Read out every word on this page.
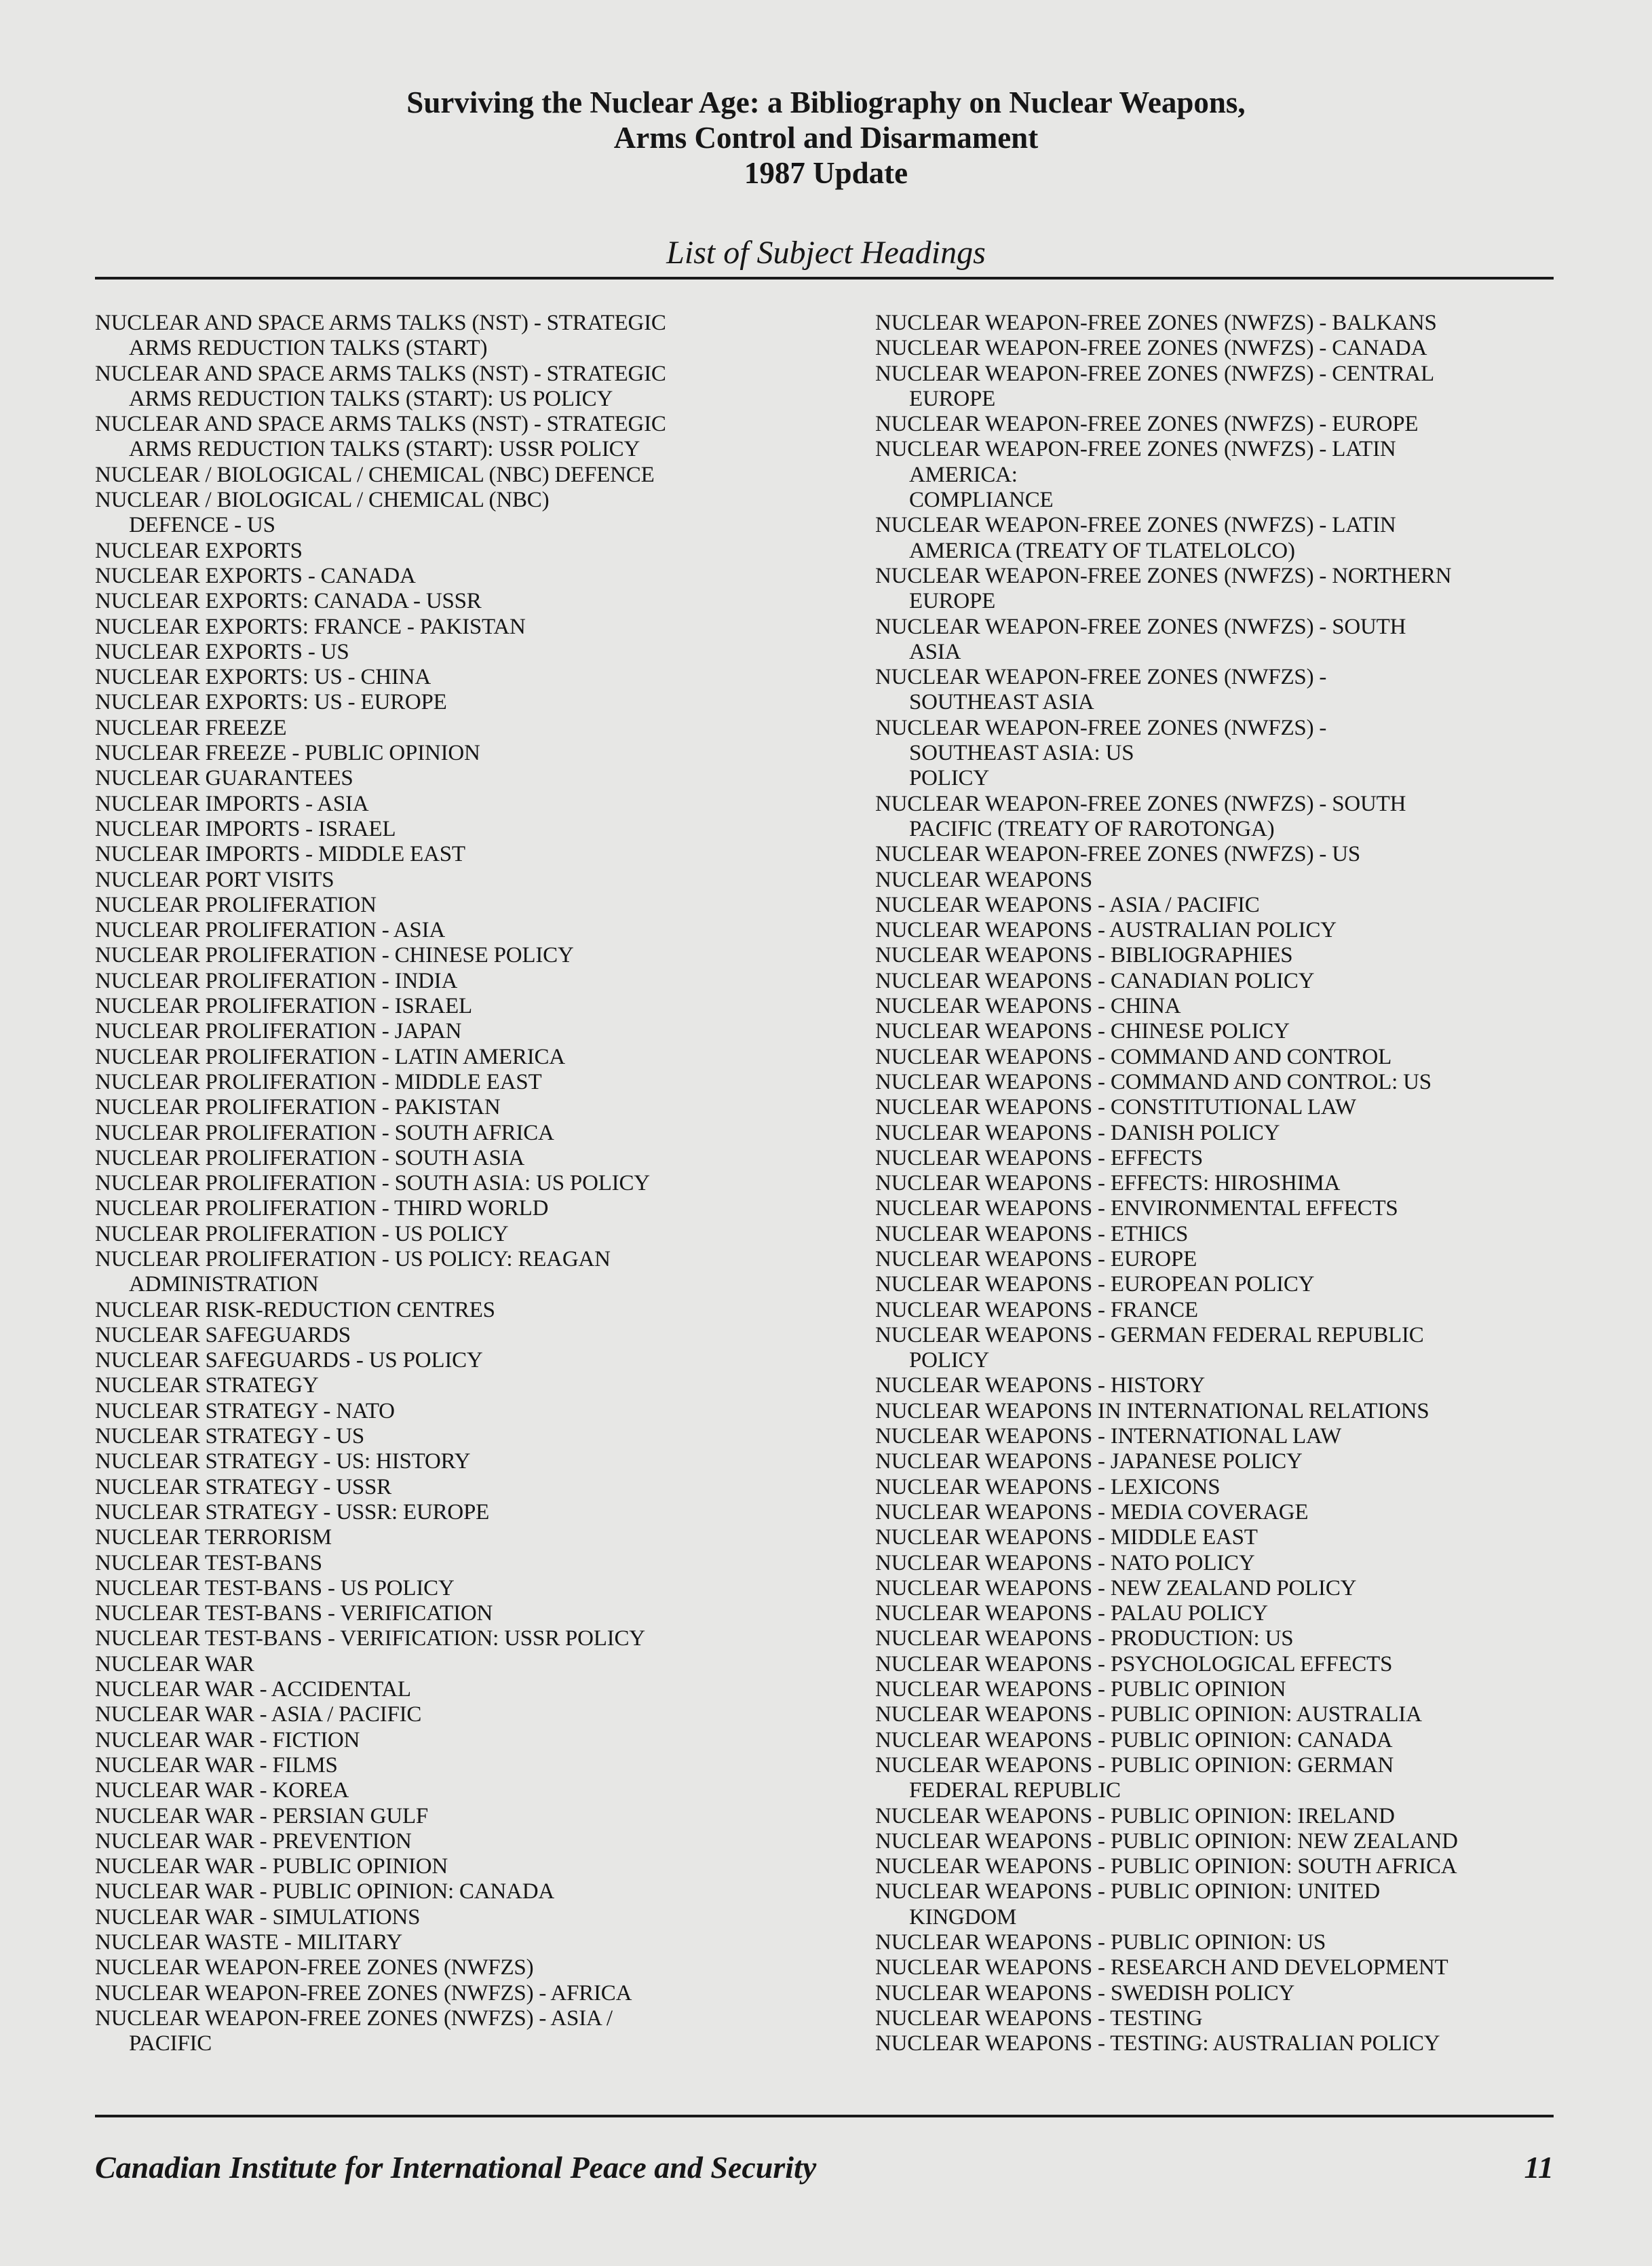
Surviving the Nuclear Age: a Bibliography on Nuclear Weapons,
Arms Control and Disarmament
1987 Update
List of Subject Headings
NUCLEAR AND SPACE ARMS TALKS (NST) - STRATEGIC
ARMS REDUCTION TALKS (START)
NUCLEAR AND SPACE ARMS TALKS (NST) - STRATEGIC
ARMS REDUCTION TALKS (START): US POLICY
NUCLEAR AND SPACE ARMS TALKS (NST) - STRATEGIC
ARMS REDUCTION TALKS (START): USSR POLICY
NUCLEAR / BIOLOGICAL / CHEMICAL (NBC) DEFENCE
NUCLEAR / BIOLOGICAL / CHEMICAL (NBC)
DEFENCE - US
NUCLEAR EXPORTS
NUCLEAR EXPORTS - CANADA
NUCLEAR EXPORTS: CANADA - USSR
NUCLEAR EXPORTS: FRANCE - PAKISTAN
NUCLEAR EXPORTS - US
NUCLEAR EXPORTS: US - CHINA
NUCLEAR EXPORTS: US - EUROPE
NUCLEAR FREEZE
NUCLEAR FREEZE - PUBLIC OPINION
NUCLEAR GUARANTEES
NUCLEAR IMPORTS - ASIA
NUCLEAR IMPORTS - ISRAEL
NUCLEAR IMPORTS - MIDDLE EAST
NUCLEAR PORT VISITS
NUCLEAR PROLIFERATION
NUCLEAR PROLIFERATION - ASIA
NUCLEAR PROLIFERATION - CHINESE POLICY
NUCLEAR PROLIFERATION - INDIA
NUCLEAR PROLIFERATION - ISRAEL
NUCLEAR PROLIFERATION - JAPAN
NUCLEAR PROLIFERATION - LATIN AMERICA
NUCLEAR PROLIFERATION - MIDDLE EAST
NUCLEAR PROLIFERATION - PAKISTAN
NUCLEAR PROLIFERATION - SOUTH AFRICA
NUCLEAR PROLIFERATION - SOUTH ASIA
NUCLEAR PROLIFERATION - SOUTH ASIA: US POLICY
NUCLEAR PROLIFERATION - THIRD WORLD
NUCLEAR PROLIFERATION - US POLICY
NUCLEAR PROLIFERATION - US POLICY: REAGAN
ADMINISTRATION
NUCLEAR RISK-REDUCTION CENTRES
NUCLEAR SAFEGUARDS
NUCLEAR SAFEGUARDS - US POLICY
NUCLEAR STRATEGY
NUCLEAR STRATEGY - NATO
NUCLEAR STRATEGY - US
NUCLEAR STRATEGY - US: HISTORY
NUCLEAR STRATEGY - USSR
NUCLEAR STRATEGY - USSR: EUROPE
NUCLEAR TERRORISM
NUCLEAR TEST-BANS
NUCLEAR TEST-BANS - US POLICY
NUCLEAR TEST-BANS - VERIFICATION
NUCLEAR TEST-BANS - VERIFICATION: USSR POLICY
NUCLEAR WAR
NUCLEAR WAR - ACCIDENTAL
NUCLEAR WAR - ASIA / PACIFIC
NUCLEAR WAR - FICTION
NUCLEAR WAR - FILMS
NUCLEAR WAR - KOREA
NUCLEAR WAR - PERSIAN GULF
NUCLEAR WAR - PREVENTION
NUCLEAR WAR - PUBLIC OPINION
NUCLEAR WAR - PUBLIC OPINION: CANADA
NUCLEAR WAR - SIMULATIONS
NUCLEAR WASTE - MILITARY
NUCLEAR WEAPON-FREE ZONES (NWFZS)
NUCLEAR WEAPON-FREE ZONES (NWFZS) - AFRICA
NUCLEAR WEAPON-FREE ZONES (NWFZS) - ASIA /
PACIFIC
NUCLEAR WEAPON-FREE ZONES (NWFZS) - BALKANS
NUCLEAR WEAPON-FREE ZONES (NWFZS) - CANADA
NUCLEAR WEAPON-FREE ZONES (NWFZS) - CENTRAL
EUROPE
NUCLEAR WEAPON-FREE ZONES (NWFZS) - EUROPE
NUCLEAR WEAPON-FREE ZONES (NWFZS) - LATIN
AMERICA:
COMPLIANCE
NUCLEAR WEAPON-FREE ZONES (NWFZS) - LATIN
AMERICA (TREATY OF TLATELOLCO)
NUCLEAR WEAPON-FREE ZONES (NWFZS) - NORTHERN
EUROPE
NUCLEAR WEAPON-FREE ZONES (NWFZS) - SOUTH
ASIA
NUCLEAR WEAPON-FREE ZONES (NWFZS) -
SOUTHEAST ASIA
NUCLEAR WEAPON-FREE ZONES (NWFZS) -
SOUTHEAST ASIA: US
POLICY
NUCLEAR WEAPON-FREE ZONES (NWFZS) - SOUTH
PACIFIC (TREATY OF RAROTONGA)
NUCLEAR WEAPON-FREE ZONES (NWFZS) - US
NUCLEAR WEAPONS
NUCLEAR WEAPONS - ASIA / PACIFIC
NUCLEAR WEAPONS - AUSTRALIAN POLICY
NUCLEAR WEAPONS - BIBLIOGRAPHIES
NUCLEAR WEAPONS - CANADIAN POLICY
NUCLEAR WEAPONS - CHINA
NUCLEAR WEAPONS - CHINESE POLICY
NUCLEAR WEAPONS - COMMAND AND CONTROL
NUCLEAR WEAPONS - COMMAND AND CONTROL: US
NUCLEAR WEAPONS - CONSTITUTIONAL LAW
NUCLEAR WEAPONS - DANISH POLICY
NUCLEAR WEAPONS - EFFECTS
NUCLEAR WEAPONS - EFFECTS: HIROSHIMA
NUCLEAR WEAPONS - ENVIRONMENTAL EFFECTS
NUCLEAR WEAPONS - ETHICS
NUCLEAR WEAPONS - EUROPE
NUCLEAR WEAPONS - EUROPEAN POLICY
NUCLEAR WEAPONS - FRANCE
NUCLEAR WEAPONS - GERMAN FEDERAL REPUBLIC
POLICY
NUCLEAR WEAPONS - HISTORY
NUCLEAR WEAPONS IN INTERNATIONAL RELATIONS
NUCLEAR WEAPONS - INTERNATIONAL LAW
NUCLEAR WEAPONS - JAPANESE POLICY
NUCLEAR WEAPONS - LEXICONS
NUCLEAR WEAPONS - MEDIA COVERAGE
NUCLEAR WEAPONS - MIDDLE EAST
NUCLEAR WEAPONS - NATO POLICY
NUCLEAR WEAPONS - NEW ZEALAND POLICY
NUCLEAR WEAPONS - PALAU POLICY
NUCLEAR WEAPONS - PRODUCTION: US
NUCLEAR WEAPONS - PSYCHOLOGICAL EFFECTS
NUCLEAR WEAPONS - PUBLIC OPINION
NUCLEAR WEAPONS - PUBLIC OPINION: AUSTRALIA
NUCLEAR WEAPONS - PUBLIC OPINION: CANADA
NUCLEAR WEAPONS - PUBLIC OPINION: GERMAN
FEDERAL REPUBLIC
NUCLEAR WEAPONS - PUBLIC OPINION: IRELAND
NUCLEAR WEAPONS - PUBLIC OPINION: NEW ZEALAND
NUCLEAR WEAPONS - PUBLIC OPINION: SOUTH AFRICA
NUCLEAR WEAPONS - PUBLIC OPINION: UNITED
KINGDOM
NUCLEAR WEAPONS - PUBLIC OPINION: US
NUCLEAR WEAPONS - RESEARCH AND DEVELOPMENT
NUCLEAR WEAPONS - SWEDISH POLICY
NUCLEAR WEAPONS - TESTING
NUCLEAR WEAPONS - TESTING: AUSTRALIAN POLICY
Canadian Institute for International Peace and Security	11
